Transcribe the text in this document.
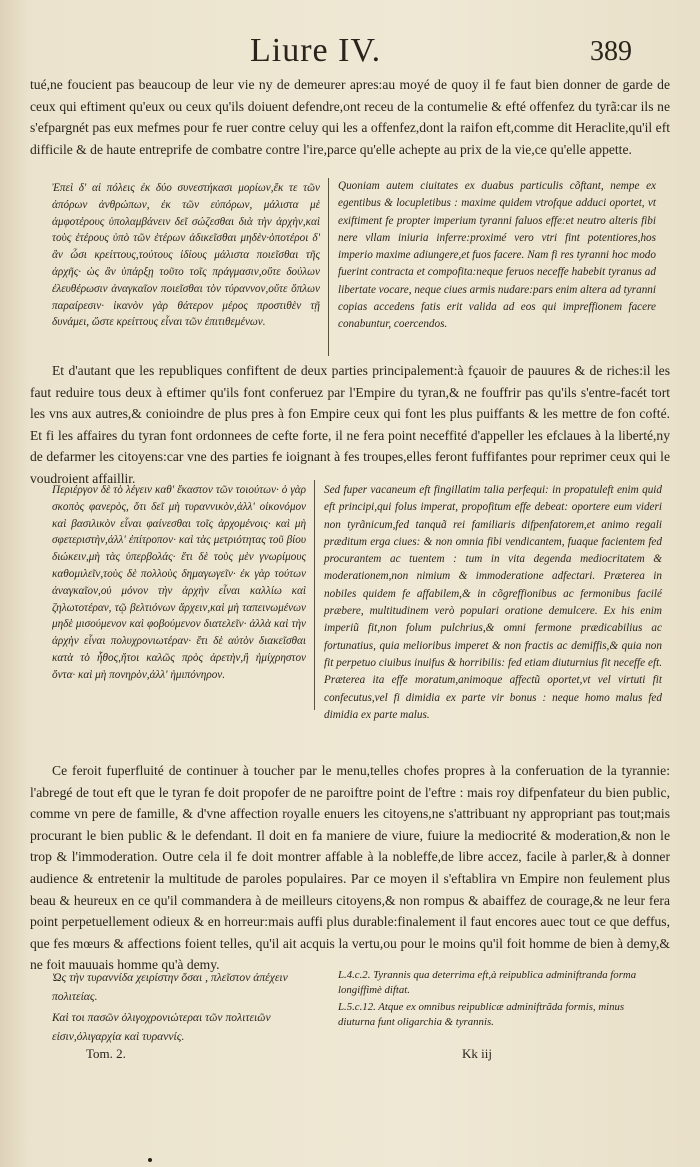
Liure IV.	389

tué,ne foucient pas beaucoup de leur vie ny de demeurer apres:au moyé de quoy il fe faut bien donner de garde de ceux qui eftiment qu'eux ou ceux qu'ils doiuent defendre,ont receu de la contumelie & efté offenfez du tyrã:car ils ne s'efpargnét pas eux mefmes pour fe ruer contre celuy qui les a offenfez,dont la raifon eft,comme dit Heraclite,qu'il eft difficile & de haute entreprife de combatre contre l'ire,parce qu'elle achepte au prix de la vie,ce qu'elle appette.

Ἐπεὶ δ' αἱ πόλεις ἐκ δύο συνεστήκασι μορίων,ἔκ τε τῶν ἀπόρων ἀνθρώπων, ἐκ τῶν εὐπόρων, μάλιστα μὲ ἀμφοτέρους ὑπολαμβάνειν δεῖ σώζεσθαι διὰ τὴν ἀρχὴν,καὶ τοὺς ἑτέρους ὑπὸ τῶν ἑτέρων ἀδικεῖσθαι μηδὲν·ὁποτέροι δ' ἂν ὦσι κρείττους,τούτους ἰδίους μάλιστα ποιεῖσθαι τῆς ἀρχῆς· ὡς ἂν ὑπάρξῃ τοῦτο τοῖς πράγμασιν,οὔτε δούλων ἐλευθέρωσιν ἀναγκαῖον ποιεῖσθαι τὸν τύραννον,οὔτε ὅπλων παραίρεσιν· ἱκανὸν γὰρ θάτερον μέρος προστιθὲν τῇ δυνάμει, ὥστε κρείττους εἶναι τῶν ἐπιτιθεμένων.

Quoniam autem ciuitates ex duabus particulis cõftant, nempe ex egentibus & locupletibus : maxime quidem vtrofque adduci oportet, vt exiftiment fe propter imperium tyranni faluos effe:et neutro alteris fibi nere vllam iniuria inferre:proximé vero vtri fint potentiores,hos imperio maxime adiungere,et fuos facere. Nam fi res tyranni hoc modo fuerint contracta et compofita:neque feruos neceffe habebit tyranus ad libertate vocare, neque ciues armis nudare:pars enim altera ad tyranni copias accedens fatis erit valida ad eos qui impreffionem facere conabuntur, coercendos.

Et d'autant que les republiques confiftent de deux parties principalement:à fçauoir de pauures & de riches:il les faut reduire tous deux à eftimer qu'ils font conferuez par l'Empire du tyran,& ne fouffrir pas qu'ils s'entre-facét tort les vns aux autres,& conioindre de plus pres à fon Empire ceux qui font les plus puiffants & les mettre de fon cofté. Et fi les affaires du tyran font ordonnees de cefte forte, il ne fera point neceffité d'appeller les efclaues à la liberté,ny de defarmer les citoyens:car vne des parties fe ioignant à fes troupes,elles feront fuffifantes pour reprimer ceux qui le voudroient affaillir.

Περιέργον δὲ τὸ λέγειν καθ' ἕκαστον τῶν τοιούτων· ὁ γὰρ σκοπὸς φανερὸς, ὅτι δεῖ μὴ τυραννικὸν,ἀλλ' οἰκονόμον καὶ βασιλικὸν εἶναι φαίνεσθαι τοῖς ἀρχομένοις· καὶ μὴ σφετεριστὴν,ἀλλ' ἐπίτροπον· καὶ τὰς μετριότητας τοῦ βίου διώκειν,μὴ τὰς ὑπερβολάς· ἔτι δὲ τοὺς μὲν γνωρίμους καθομιλεῖν,τοὺς δὲ πολλοὺς δημαγωγεῖν· ἐκ γὰρ τούτων ἀναγκαῖον,οὐ μόνον τὴν ἀρχὴν εἶναι καλλίω καὶ ζηλωτοτέραν, τῷ βελτιόνων ἄρχειν,καὶ μὴ ταπεινωμένων μηδὲ μισούμενον καὶ φοβούμενον διατελεῖν· ἀλλὰ καὶ τὴν ἀρχὴν εἶναι πολυχρονιωτέραν· ἔτι δὲ αὐτὸν διακεῖσθαι κατὰ τὸ ἦθος,ἤτοι καλῶς πρὸς ἀρετὴν,ἢ ἡμίχρηστον ὄντα· καὶ μὴ πονηρὸν,ἀλλ' ἡμιπόνηρον.

Sed fuper vacaneum eft fingillatim talia perfequi: in propatuleft enim quid eft principi,qui folus imperat, propofitum effe debeat: oportere eum videri non tyrãnicum,fed tanquã rei familiaris difpenfatorem,et animo regali præditum erga ciues: & non omnia fibi vendicantem, fuaque facientem fed procurantem ac tuentem : tum in vita degenda mediocritatem & moderationem,non nimium & immoderatione adfectari. Præterea in nobiles quidem fe affabilem,& in cõgreffionibus ac fermonibus facilé præbere, multitudinem verò populari oratione demulcere. Ex his enim imperiũ fit,non folum pulchrius,& omni fermone prædicabilius ac fortunatius, quia melioribus imperet & non fractis ac demiffis,& quia non fit perpetuo ciuibus inuifus & horribilis: fed etiam diuturnius fit neceffe eft. Præterea ita effe moratum,animoque affectũ oportet,vt vel virtuti fit confecutus,vel fi dimidia ex parte vir bonus : neque homo malus fed dimidia ex parte malus.

Ce feroit fuperfluité de continuer à toucher par le menu,telles chofes propres à la conferuation de la tyrannie: l'abregé de tout eft que le tyran fe doit propofer de ne paroiftre point de l'eftre : mais roy difpenfateur du bien public, comme vn pere de famille, & d'vne affection royalle enuers les citoyens,ne s'attribuant ny appropriant pas tout;mais procurant le bien public & le defendant. Il doit en fa maniere de viure, fuiure la mediocrité & moderation,& non le trop & l'immoderation. Outre cela il fe doit montrer affable à la nobleffe,de libre accez, facile à parler,& à donner audience & entretenir la multitude de paroles populaires. Par ce moyen il s'eftablira vn Empire non feulement plus beau & heureux en ce qu'il commandera à de meilleurs citoyens,& non rompus & abaiffez de courage,& ne leur fera point perpetuellement odieux & en horreur:mais auffi plus durable:finalement il faut encores auec tout ce que deffus, que fes mœurs & affections foient telles, qu'il ait acquis la vertu,ou pour le moins qu'il foit homme de bien à demy,& ne foit mauuais homme qu'à demy.

Ὡς τὴν τυραννίδα χειρίστην ὅσαι , πλεῖστον ἀπέχειν πολιτείας.

Καὶ τοι πασῶν ὀλιγοχρονιώτεραι τῶν πολιτειῶν εἰσιν,ὀλιγαρχία καὶ τυραννίς.

L.4.c.2. Tyrannis qua deterrima eft,à reipublica adminiftranda forma longiffimè diftat.

L.5.c.12. Atque ex omnibus reipublicæ adminiftrãda formis, minus diuturna funt oligarchia & tyrannis.

Tom. 2.	Kk iij
